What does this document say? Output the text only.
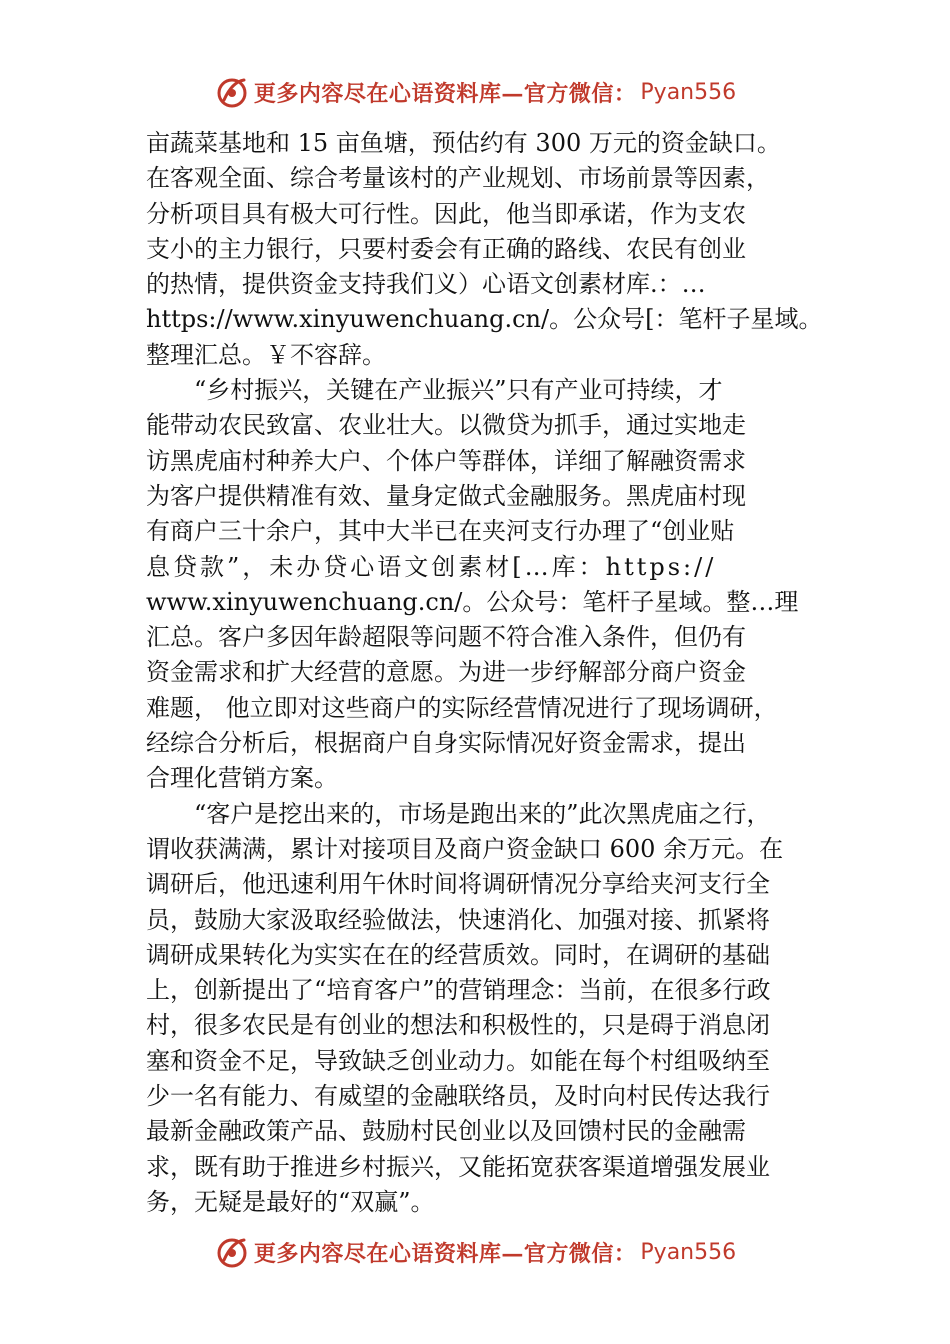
更多内容尽在心语资料库—官方微信： Pyan556
亩蔬菜基地和 15 亩鱼塘，预估约有 300 万元的资金缺口。
在客观全面、综合考量该村的产业规划、市场前景等因素，
分析项目具有极大可行性。因此，他当即承诺，作为支农
支小的主力银行，只要村委会有正确的路线、农民有创业
的热情，提供资金支持我们义）心语文创素材库.：…
https://www.xinyuwenchuang.cn/。公众号[：笔杆子星域。
整理汇总。￥不容辞。
“乡村振兴，关键在产业振兴”只有产业可持续，才
能带动农民致富、农业壮大。以微贷为抓手，通过实地走
访黑虎庙村种养大户、个体户等群体，详细了解融资需求
为客户提供精准有效、量身定做式金融服务。黑虎庙村现
有商户三十余户，其中大半已在夹河支行办理了“创业贴
息贷款”，未办贷心语文创素材[…库：https://
www.xinyuwenchuang.cn/。公众号：笔杆子星域。整…理
汇总。客户多因年龄超限等问题不符合准入条件，但仍有
资金需求和扩大经营的意愿。为进一步纾解部分商户资金
难题， 他立即对这些商户的实际经营情况进行了现场调研，
经综合分析后，根据商户自身实际情况好资金需求，提出
合理化营销方案。
“客户是挖出来的，市场是跑出来的”此次黑虎庙之行，
谓收获满满，累计对接项目及商户资金缺口 600 余万元。在
调研后，他迅速利用午休时间将调研情况分享给夹河支行全
员，鼓励大家汲取经验做法，快速消化、加强对接、抓紧将
调研成果转化为实实在在的经营质效。同时，在调研的基础
上，创新提出了“培育客户”的营销理念：当前，在很多行政
村，很多农民是有创业的想法和积极性的，只是碍于消息闭
塞和资金不足，导致缺乏创业动力。如能在每个村组吸纳至
少一名有能力、有威望的金融联络员，及时向村民传达我行
最新金融政策产品、鼓励村民创业以及回馈村民的金融需
求，既有助于推进乡村振兴，又能拓宽获客渠道增强发展业
务，无疑是最好的“双赢”。
更多内容尽在心语资料库—官方微信： Pyan556
